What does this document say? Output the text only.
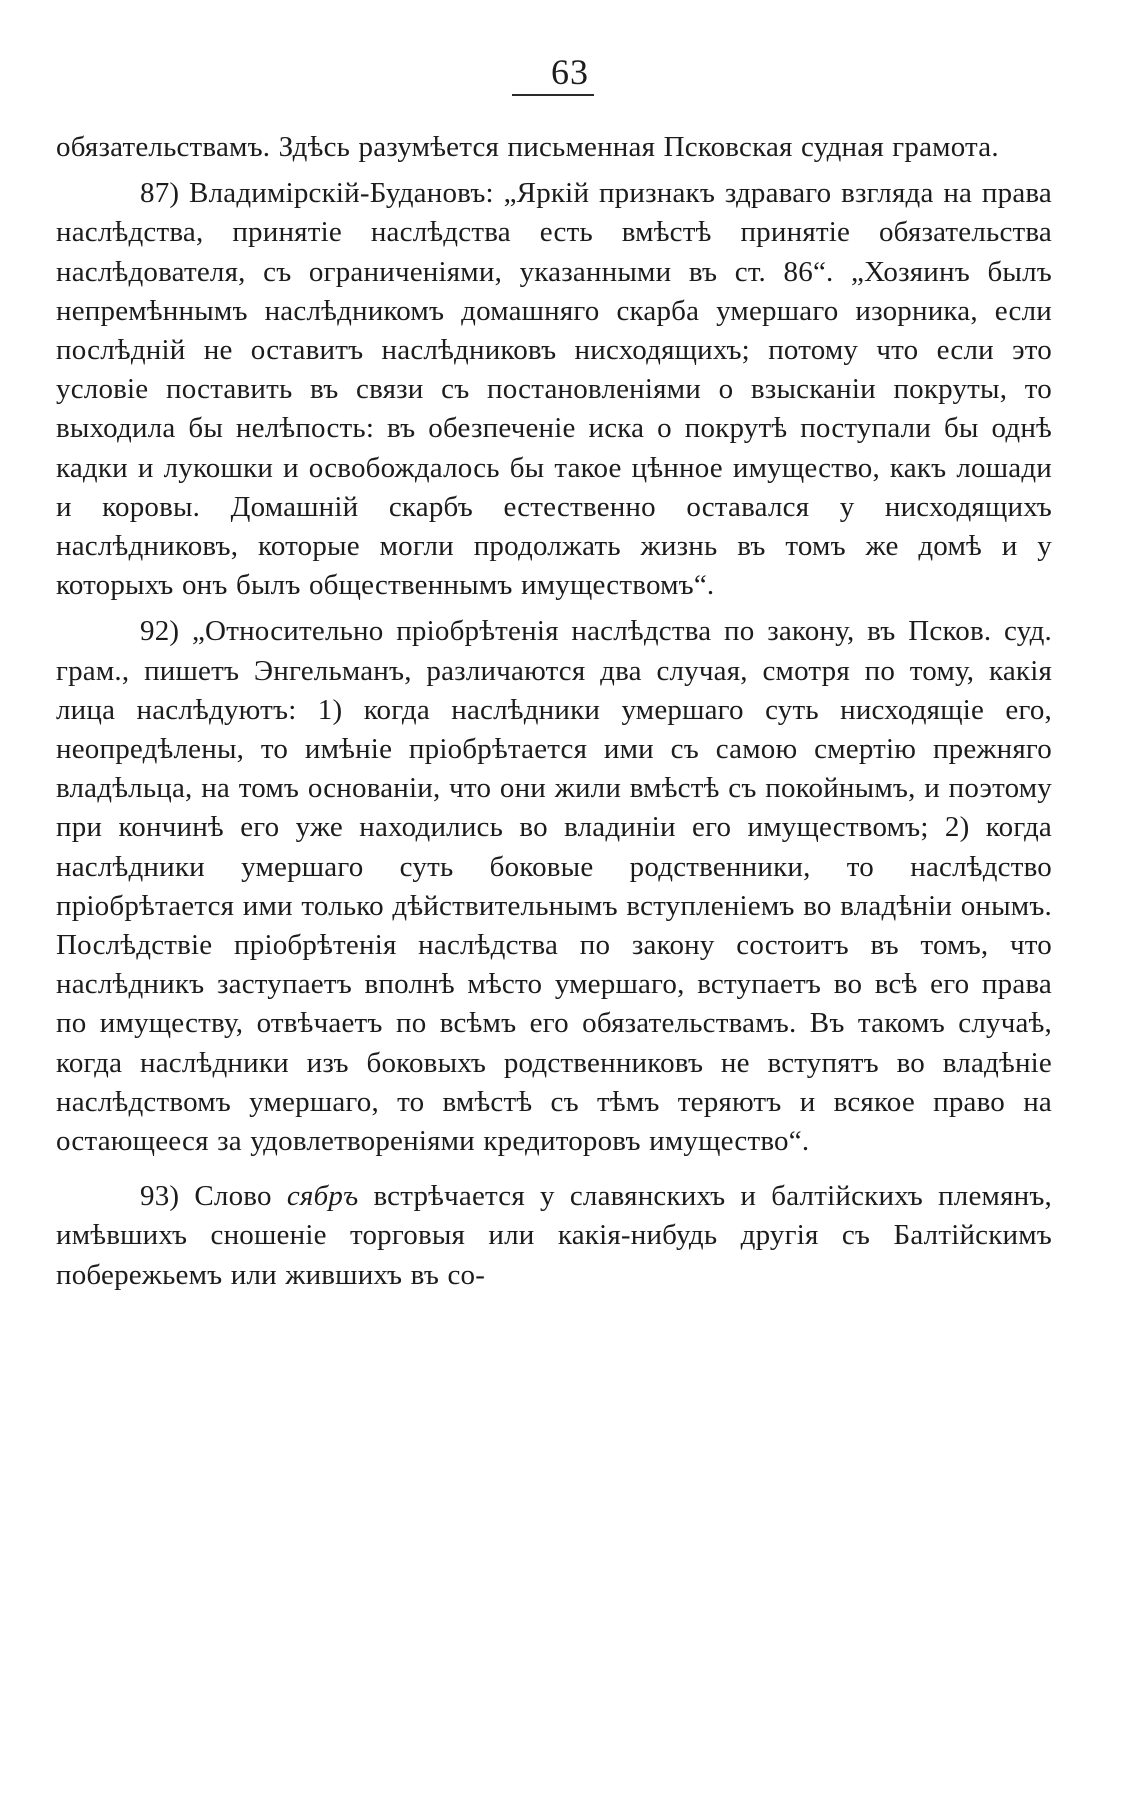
63

обязательствамъ. Здѣсь разумѣется письменная Псковская судная грамота.

87) Владимірскій-Будановъ: „Яркій признакъ здраваго взгляда на права наслѣдства, принятіе наслѣдства есть вмѣстѣ принятіе обязательства наслѣдователя, съ ограниченіями, указанными въ ст. 86“. „Хозяинъ былъ непремѣннымъ наслѣдникомъ домашняго скарба умершаго изорника, если послѣдній не оставитъ наслѣдниковъ нисходящихъ; потому что если это условіе поставить въ связи съ постановленіями о взысканіи покруты, то выходила бы нелѣпость: въ обезпеченіе иска о покрутѣ поступали бы однѣ кадки и лукошки и освобождалось бы такое цѣнное имущество, какъ лошади и коровы. Домашній скарбъ естественно оставался у нисходящихъ наслѣдниковъ, которые могли продолжать жизнь въ томъ же домѣ и у которыхъ онъ былъ общественнымъ имуществомъ“.

92) „Относительно пріобрѣтенія наслѣдства по закону, въ Псков. суд. грам., пишетъ Энгельманъ, различаются два случая, смотря по тому, какія лица наслѣдуютъ: 1) когда наслѣдники умершаго суть нисходящіе его, неопредѣлены, то имѣніе пріобрѣтается ими съ самою смертію прежняго владѣльца, на томъ основаніи, что они жили вмѣстѣ съ покойнымъ, и поэтому при кончинѣ его уже находились во владиніи его имуществомъ; 2) когда наслѣдники умершаго суть боковые родственники, то наслѣдство пріобрѣтается ими только дѣйствительнымъ вступленіемъ во владѣніи онымъ. Послѣдствіе пріобрѣтенія наслѣдства по закону состоитъ въ томъ, что наслѣдникъ заступаетъ вполнѣ мѣсто умершаго, вступаетъ во всѣ его права по имуществу, отвѣчаетъ по всѣмъ его обязательствамъ. Въ такомъ случаѣ, когда наслѣдники изъ боковыхъ родственниковъ не вступятъ во владѣніе наслѣдствомъ умершаго, то вмѣстѣ съ тѣмъ теряютъ и всякое право на остающееся за удовлетвореніями кредиторовъ имущество“.

93) Слово сябръ встрѣчается у славянскихъ и балтійскихъ племянъ, имѣвшихъ сношеніе торговыя или какія-нибудь другія съ Балтійскимъ побережьемъ или жившихъ въ со-
